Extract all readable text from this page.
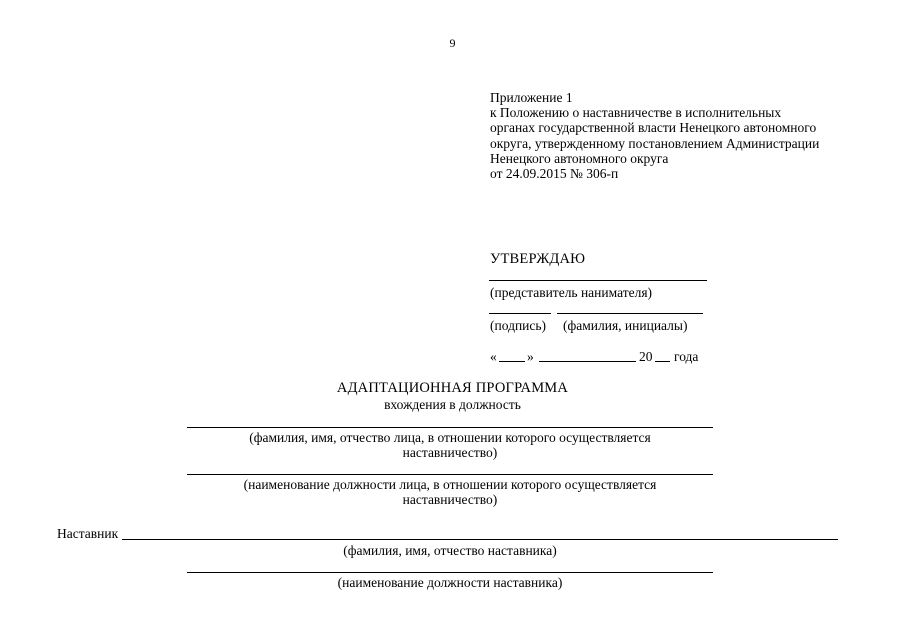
9
Приложение 1
к Положению о наставничестве в исполнительных
органах государственной власти Ненецкого автономного
округа, утвержденному постановлением Администрации
Ненецкого автономного округа
от 24.09.2015 № 306-п
УТВЕРЖДАЮ
(представитель нанимателя)
(подпись) (фамилия, инициалы)
« »	20 года
АДАПТАЦИОННАЯ ПРОГРАММА
вхождения в должность
(фамилия, имя, отчество лица, в отношении которого осуществляется
наставничество)
(наименование должности лица, в отношении которого осуществляется
наставничество)
Наставник
(фамилия, имя, отчество наставника)
(наименование должности наставника)
